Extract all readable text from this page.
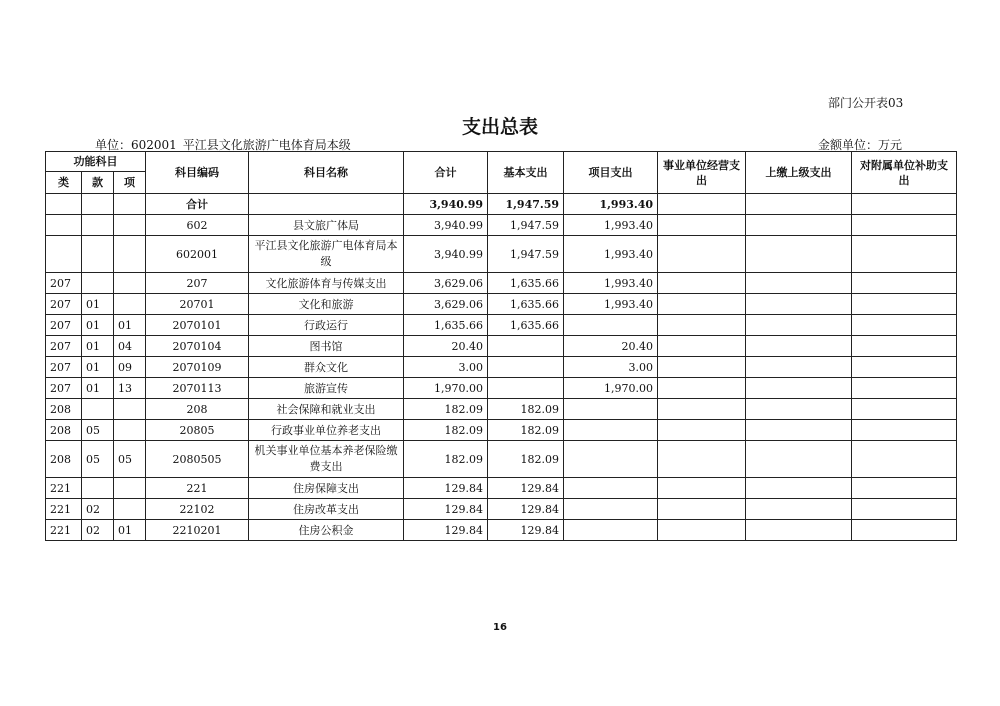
部门公开表03
支出总表
单位：602001_平江县文化旅游广电体育局本级	金额单位：万元
功能科目			科目编码	科目名称	合计	基本支出	项目支出	事业单位经营支出	上缴上级支出	对附属单位补助支出
类	款	项								
			合计		3,940.99	1,947.59	1,993.40			
			602	县文旅广体局	3,940.99	1,947.59	1,993.40			
			602001	平江县文化旅游广电体育局本级	3,940.99	1,947.59	1,993.40			
207			207	文化旅游体育与传媒支出	3,629.06	1,635.66	1,993.40			
207	01		20701	文化和旅游	3,629.06	1,635.66	1,993.40			
207	01	01	2070101	行政运行	1,635.66	1,635.66				
207	01	04	2070104	图书馆	20.40		20.40			
207	01	09	2070109	群众文化	3.00		3.00			
207	01	13	2070113	旅游宣传	1,970.00		1,970.00			
208			208	社会保障和就业支出	182.09	182.09				
208	05		20805	行政事业单位养老支出	182.09	182.09				
208	05	05	2080505	机关事业单位基本养老保险缴费支出	182.09	182.09				
221			221	住房保障支出	129.84	129.84				
221	02		22102	住房改革支出	129.84	129.84				
221	02	01	2210201	住房公积金	129.84	129.84				
16
